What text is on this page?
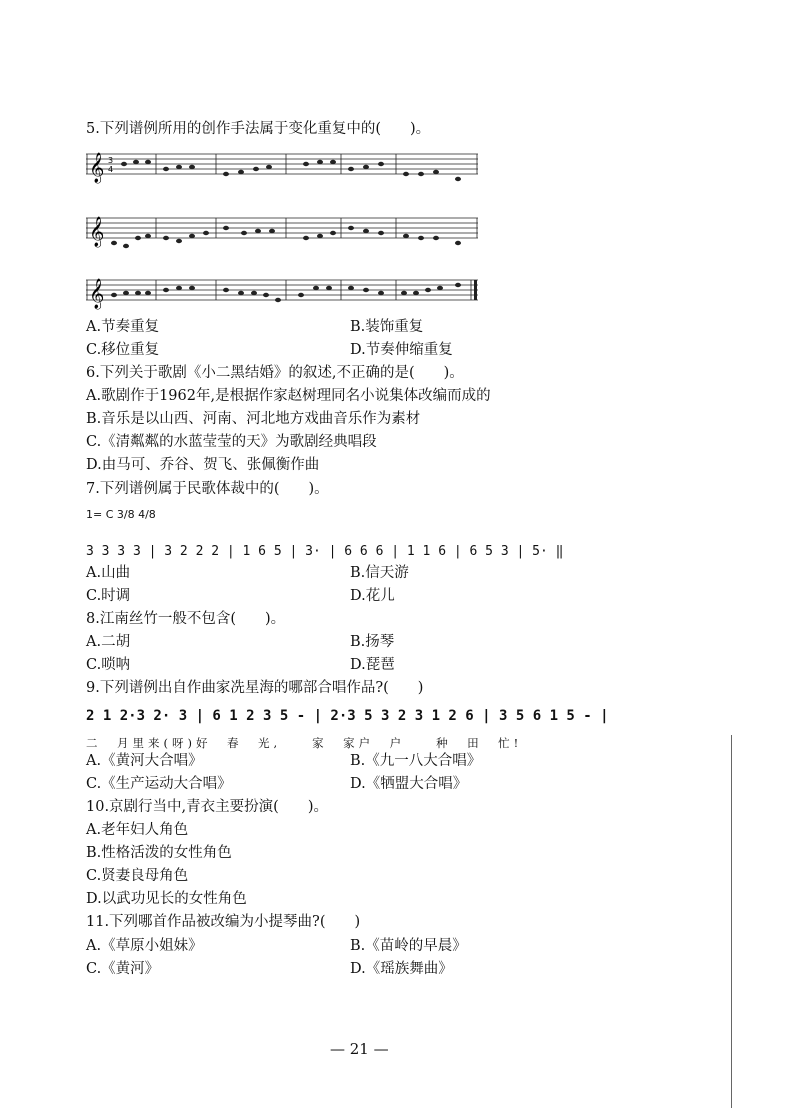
5.下列谱例所用的创作手法属于变化重复中的(　　)。
𝄞 3
4
𝄞
𝄞
A.节奏重复	B.装饰重复
C.移位重复	D.节奏伸缩重复
6.下列关于歌剧《小二黑结婚》的叙述,不正确的是(　　)。
A.歌剧作于1962年,是根据作家赵树理同名小说集体改编而成的
B.音乐是以山西、河南、河北地方戏曲音乐作为素材
C.《清粼粼的水蓝莹莹的天》为歌剧经典唱段
D.由马可、乔谷、贺飞、张佩衡作曲
7.下列谱例属于民歌体裁中的(　　)。
1= C 3/8 4/8
3 3 3 3 | 3 2 2 2 | 1 6 5 | 3· | 6 6 6 | 1 1 6 | 6 5 3 | 5· ‖
A.山曲	B.信天游
C.时调	D.花儿
8.江南丝竹一般不包含(　　)。
A.二胡	B.扬琴
C.唢呐	D.琵琶
9.下列谱例出自作曲家冼星海的哪部合唱作品?(　　)
2 1 2·3 2· 3 | 6 1 2 3 5 - | 2·3 5 3 2 3 1 2 6 | 3 5 6 1 5 - |
二　月里来(呀)好　春　光,　　家　家户　户　　种　田　忙!
A.《黄河大合唱》	B.《九一八大合唱》
C.《生产运动大合唱》	D.《牺盟大合唱》
10.京剧行当中,青衣主要扮演(　　)。
A.老年妇人角色
B.性格活泼的女性角色
C.贤妻良母角色
D.以武功见长的女性角色
11.下列哪首作品被改编为小提琴曲?(　　)
A.《草原小姐妹》	B.《苗岭的早晨》
C.《黄河》	D.《瑶族舞曲》
— 21 —
